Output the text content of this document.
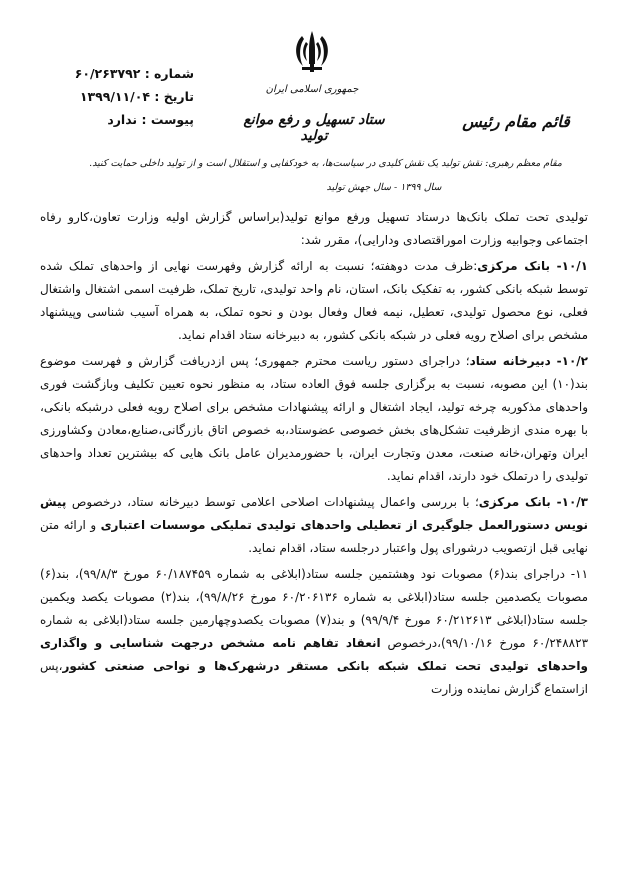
جمهوری اسلامی ایران
ستاد تسهیل و رفع موانع تولید
قائم مقام رئیس
شماره : ۶۰/۲۶۳۷۹۲
تاریخ : ۱۳۹۹/۱۱/۰۴
پیوست : ندارد
مقام معظم رهبری: نقش تولید یک نقش کلیدی در سیاست‌ها، به خودکفایی و استقلال است و از تولید داخلی حمایت کنید.
سال ۱۳۹۹ - سال جهش تولید

تولیدی تحت تملک بانک‌ها درستاد تسهیل ورفع موانع تولید(براساس گزارش اولیه وزارت تعاون،کارو رفاه اجتماعی وجوابیه وزارت اموراقتصادی ودارایی)، مقرر شد:

۱۰/۱- بانک مرکزی:ظرف مدت دوهفته؛ نسبت به ارائه گزارش وفهرست نهایی از واحدهای تملک شده توسط شبکه بانکی کشور، به تفکیک بانک، استان، نام واحد تولیدی، تاریخ تملک، ظرفیت اسمی اشتغال واشتغال فعلی، نوع محصول تولیدی، تعطیل، نیمه فعال وفعال بودن و نحوه تملک، به همراه آسیب شناسی وپیشنهاد مشخص برای اصلاح رویه فعلی در شبکه بانکی کشور، به دبیرخانه ستاد اقدام نماید.

۱۰/۲- دبیرخانه ستاد؛ دراجرای دستور ریاست محترم جمهوری؛ پس ازدریافت گزارش و فهرست موضوع بند(۱۰) این مصوبه، نسبت به برگزاری جلسه فوق العاده ستاد، به منظور نحوه تعیین تکلیف وبازگشت فوری واحدهای مذکوربه چرخه تولید، ایجاد اشتغال و ارائه پیشنهادات مشخص برای اصلاح رویه فعلی درشبکه بانکی، با بهره مندی ازظرفیت تشکل‌های بخش خصوصی عضوستاد،به خصوص اتاق بازرگانی،صنایع،معادن وکشاورزی ایران وتهران،خانه صنعت، معدن وتجارت ایران، با حضورمدیران عامل بانک هایی که بیشترین تعداد واحدهای تولیدی را درتملک خود دارند، اقدام نماید.

۱۰/۳- بانک مرکزی؛ با بررسی واعمال پیشنهادات اصلاحی اعلامی توسط دبیرخانه ستاد، درخصوص پیش نویس دستورالعمل جلوگیری از تعطیلی واحدهای تولیدی تملیکی موسسات اعتباری و ارائه متن نهایی قبل ازتصویب درشورای پول واعتبار درجلسه ستاد، اقدام نماید.

۱۱- دراجرای بند(۶) مصوبات نود وهشتمین جلسه ستاد(ابلاغی به شماره ۶۰/۱۸۷۴۵۹ مورخ ۹۹/۸/۳)، بند(۶) مصوبات یکصدمین جلسه ستاد(ابلاغی به شماره ۶۰/۲۰۶۱۳۶ مورخ ۹۹/۸/۲۶)، بند(۲) مصوبات یکصد ویکمین جلسه ستاد(ابلاغی ۶۰/۲۱۲۶۱۳ مورخ ۹۹/۹/۴) و بند(۷) مصوبات یکصدوچهارمین جلسه ستاد(ابلاغی به شماره ۶۰/۲۴۸۸۲۳ مورخ ۹۹/۱۰/۱۶)،درخصوص انعقاد تفاهم نامه مشخص درجهت شناسایی و واگذاری واحدهای تولیدی تحت تملک شبکه بانکی مستقر درشهرک‌ها و نواحی صنعتی کشور،پس ازاستماع گزارش نماینده وزارت
